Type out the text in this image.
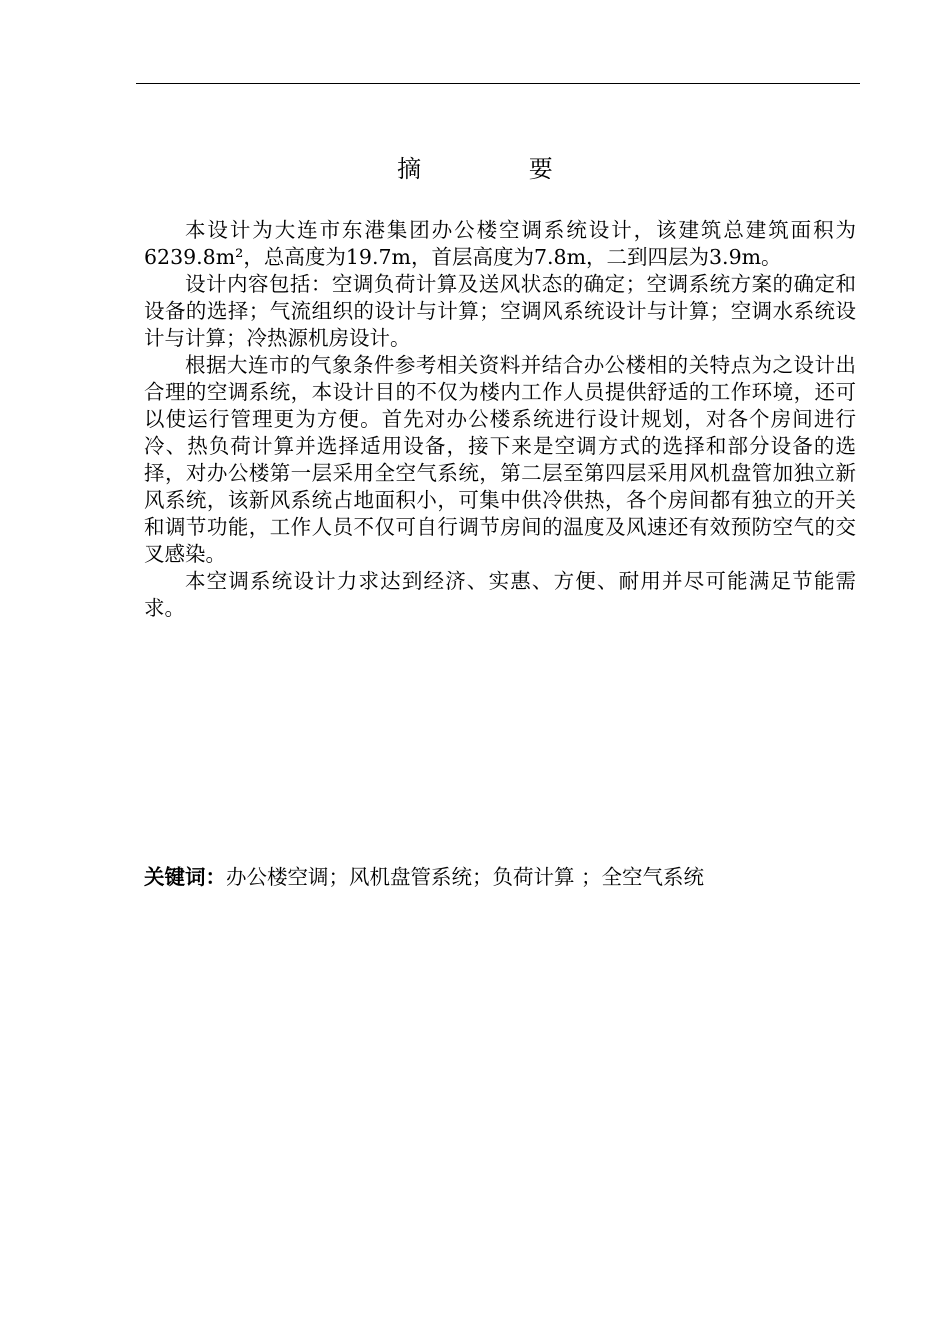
摘 要

本设计为大连市东港集团办公楼空调系统设计，该建筑总建筑面积为6239.8m²，总高度为19.7m，首层高度为7.8m，二到四层为3.9m。

设计内容包括：空调负荷计算及送风状态的确定；空调系统方案的确定和设备的选择；气流组织的设计与计算；空调风系统设计与计算；空调水系统设计与计算；冷热源机房设计。

根据大连市的气象条件参考相关资料并结合办公楼相的关特点为之设计出合理的空调系统，本设计目的不仅为楼内工作人员提供舒适的工作环境，还可以使运行管理更为方便。首先对办公楼系统进行设计规划，对各个房间进行冷、热负荷计算并选择适用设备，接下来是空调方式的选择和部分设备的选择，对办公楼第一层采用全空气系统，第二层至第四层采用风机盘管加独立新风系统，该新风系统占地面积小，可集中供冷供热，各个房间都有独立的开关和调节功能，工作人员不仅可自行调节房间的温度及风速还有效预防空气的交叉感染。

本空调系统设计力求达到经济、实惠、方便、耐用并尽可能满足节能需求。

关键词：办公楼空调；风机盘管系统；负荷计算 ；全空气系统
